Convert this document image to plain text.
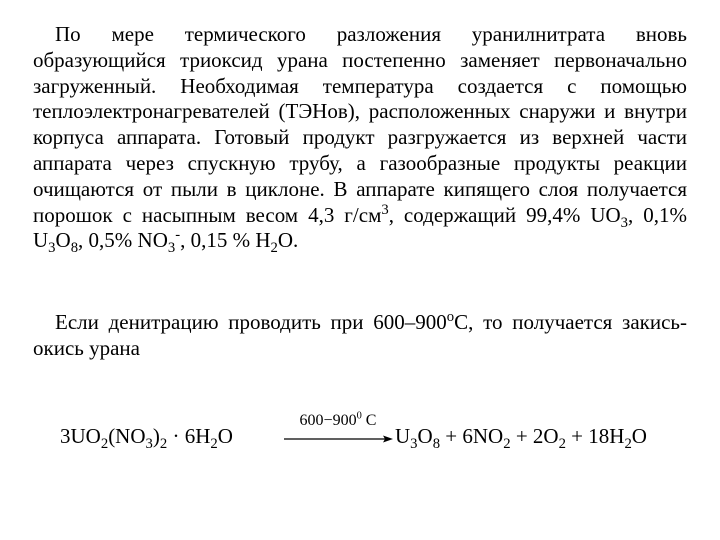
По мере термического разложения уранилнитрата вновь образующийся триоксид урана постепенно заменяет первоначально загруженный. Необходимая температура создается с помощью теплоэлектронагревателей (ТЭНов), расположенных снаружи и внутри корпуса аппарата. Готовый продукт разгружается из верхней части аппарата через спускную трубу, а газообразные продукты реакции очищаются от пыли в циклоне. В аппарате кипящего слоя получается порошок с насыпным весом 4,3 $г/см^3$, содержащий 99,4% $UO_3$, 0,1% $U_3O_8$, 0,5% $NO_3^-$, 0,15 % $H_2O$.
Если денитрацию проводить при 600–900$^o$С, то получается закись-окись урана
$3UO_2(NO_3)_2 \cdot 6H_2O$
$600-900^0$ C
$U_3O_8 + 6NO_2 + 2O_2 + 18H_2O$
